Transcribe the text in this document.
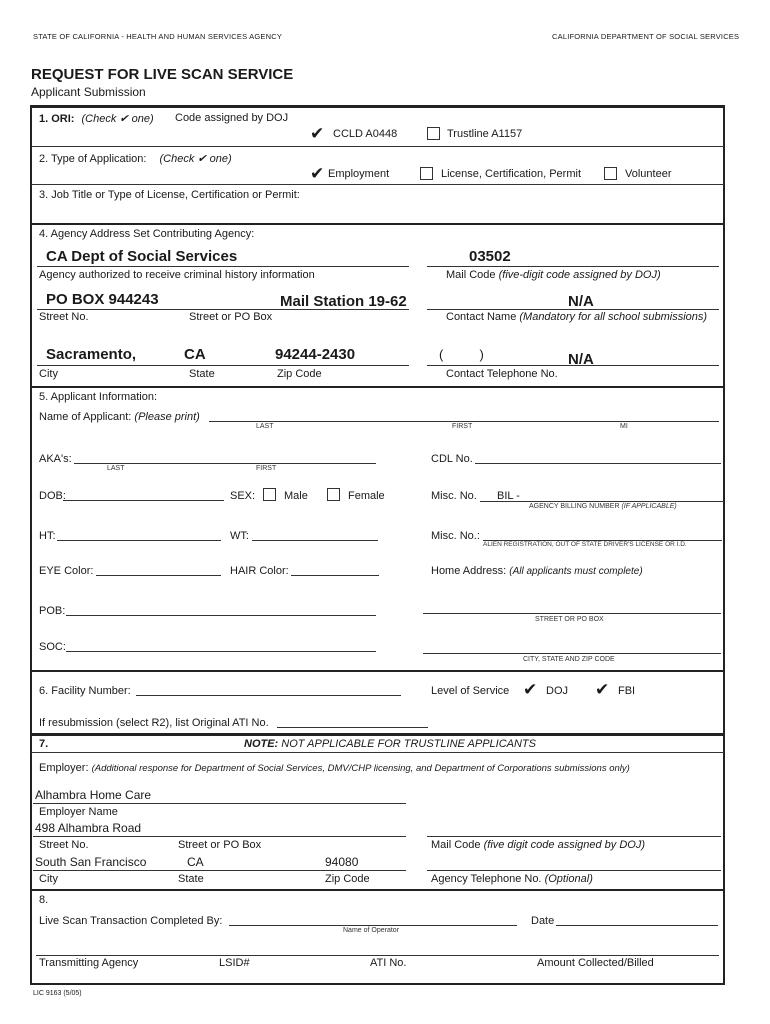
STATE OF CALIFORNIA - HEALTH AND HUMAN SERVICES AGENCY	CALIFORNIA DEPARTMENT OF SOCIAL SERVICES
REQUEST FOR LIVE SCAN SERVICE
Applicant Submission
1. ORI: (Check ✔ one) Code assigned by DOJ
✔ CCLD A0448	Trustline A1157
2. Type of Application: (Check ✔ one)
✔ Employment	License, Certification, Permit	Volunteer
3. Job Title or Type of License, Certification or Permit:
4. Agency Address Set Contributing Agency:
CA Dept of Social Services	03502
Agency authorized to receive criminal history information	Mail Code (five-digit code assigned by DOJ)
PO BOX 944243	Mail Station 19-62	N/A
Street No.	Street or PO Box	Contact Name (Mandatory for all school submissions)
Sacramento,	CA	94244-2430	(          )	N/A
City	State	Zip Code	Contact Telephone No.
5. Applicant Information:
Name of Applicant: (Please print)
LAST	FIRST	MI
AKA's:
LAST	FIRST
CDL No.
DOB:	SEX:	Male	Female	Misc. No. BIL -
AGENCY BILLING NUMBER (IF APPLICABLE)
HT:	WT:	Misc. No.:
ALIEN REGISTRATION, OUT OF STATE DRIVER'S LICENSE OR I.D.
EYE Color:	HAIR Color:	Home Address: (All applicants must complete)
POB:
STREET OR PO BOX
SOC:
CITY, STATE AND ZIP CODE
6. Facility Number:	Level of Service ✔ DOJ ✔ FBI
If resubmission (select R2), list Original ATI No.
7.	NOTE: NOT APPLICABLE FOR TRUSTLINE APPLICANTS
Employer: (Additional response for Department of Social Services, DMV/CHP licensing, and Department of Corporations submissions only)
Alhambra Home Care
Employer Name
498 Alhambra Road
Street No.	Street or PO Box	Mail Code (five digit code assigned by DOJ)
South San Francisco	CA	94080
City	State	Zip Code	Agency Telephone No. (Optional)
8.
Live Scan Transaction Completed By:
Name of Operator
Date
Transmitting Agency	LSID#	ATI No.	Amount Collected/Billed
LIC 9163 (5/05)
